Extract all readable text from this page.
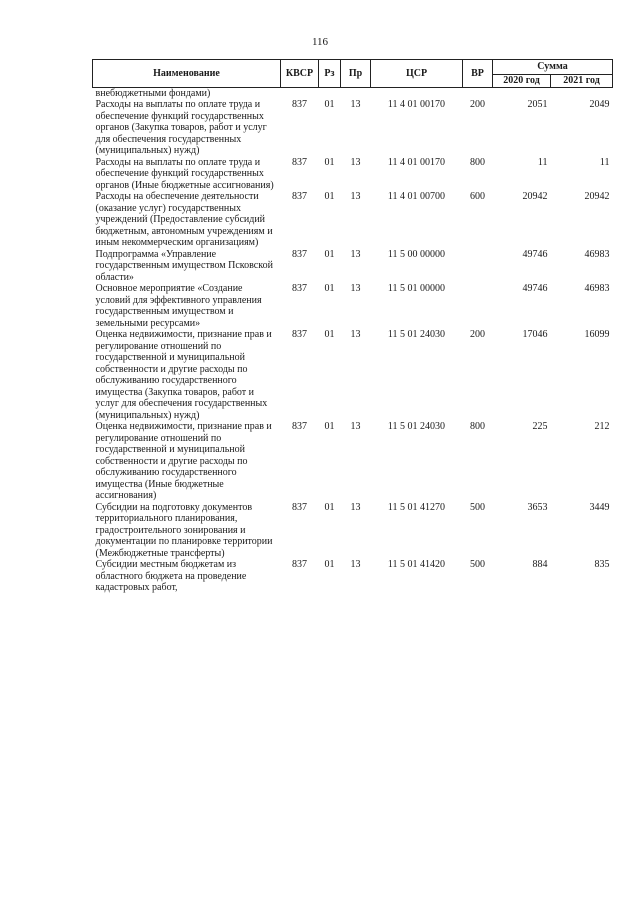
116
Наименование	КВСР	Рз	Пр	ЦСР	ВР	Сумма	
						2020 год	2021 год
внебюджетными фондами)							
Расходы на выплаты по оплате труда и обеспечение функций государственных органов (Закупка товаров, работ и услуг для обеспечения государственных (муниципальных) нужд)	837	01	13	11 4 01 00170	200	2051	2049
Расходы на выплаты по оплате труда и обеспечение функций государственных органов (Иные бюджетные ассигнования)	837	01	13	11 4 01 00170	800	11	11
Расходы на обеспечение деятельности (оказание услуг) государственных учреждений (Предоставление субсидий бюджетным, автономным учреждениям и иным некоммерческим организациям)	837	01	13	11 4 01 00700	600	20942	20942
Подпрограмма «Управление государственным имуществом Псковской области»	837	01	13	11 5 00 00000		49746	46983
Основное мероприятие «Создание условий для эффективного управления государственным имуществом и земельными ресурсами»	837	01	13	11 5 01 00000		49746	46983
Оценка недвижимости, признание прав и регулирование отношений по государственной и муниципальной собственности и другие расходы по обслуживанию государственного имущества (Закупка товаров, работ и услуг для обеспечения государственных (муниципальных) нужд)	837	01	13	11 5 01 24030	200	17046	16099
Оценка недвижимости, признание прав и регулирование отношений по государственной и муниципальной собственности и другие расходы по обслуживанию государственного имущества (Иные бюджетные ассигнования)	837	01	13	11 5 01 24030	800	225	212
Субсидии на подготовку документов территориального планирования, градостроительного зонирования и документации по планировке территории (Межбюджетные трансферты)	837	01	13	11 5 01 41270	500	3653	3449
Субсидии местным бюджетам из областного бюджета на проведение кадастровых работ,	837	01	13	11 5 01 41420	500	884	835
